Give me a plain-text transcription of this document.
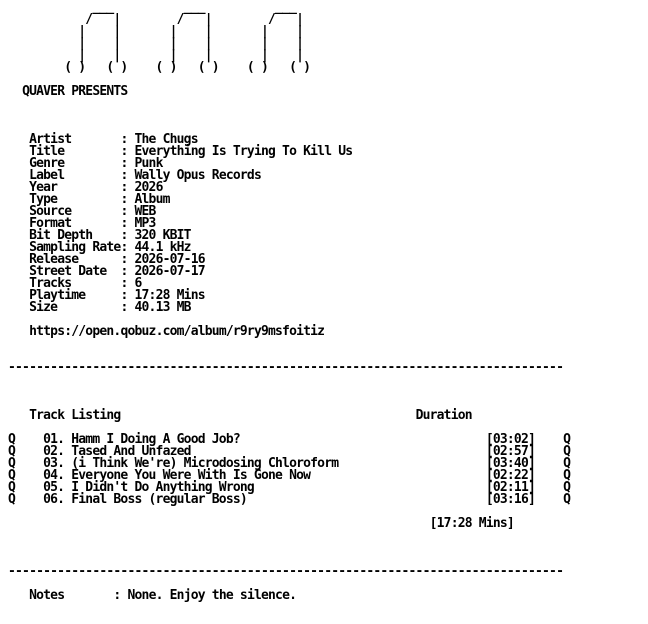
___          ___          ___
/   |        /   |        /   |
|    |       |    |       |    |
|    |       |    |       |    |
|    |       |    |       |    |
( )   ( )    ( )   ( )    ( )   ( )

QUAVER PRESENTS

Artist       : The Chugs
Title        : Everything Is Trying To Kill Us
Genre        : Punk
Label        : Wally Opus Records
Year         : 2026
Type         : Album
Source       : WEB
Format       : MP3
Bit Depth    : 320 KBIT
Sampling Rate: 44.1 kHz
Release      : 2026-07-16
Street Date  : 2026-07-17
Tracks       : 6
Playtime     : 17:28 Mins
Size         : 40.13 MB

https://open.qobuz.com/album/r9ry9msfoitiz

-------------------------------------------------------------------------------

Track Listing	Duration

Q    01. Hamm I Doing A Good Job?                                   [03:02]    Q
Q    02. Tased And Unfazed                                          [02:57]    Q
Q    03. (i Think We're) Microdosing Chloroform                     [03:40]    Q
Q    04. Everyone You Were With Is Gone Now                         [02:22]    Q
Q    05. I Didn't Do Anything Wrong                                 [02:11]    Q
Q    06. Final Boss (regular Boss)                                  [03:16]    Q

[17:28 Mins]

-------------------------------------------------------------------------------

Notes	: None. Enjoy the silence.
